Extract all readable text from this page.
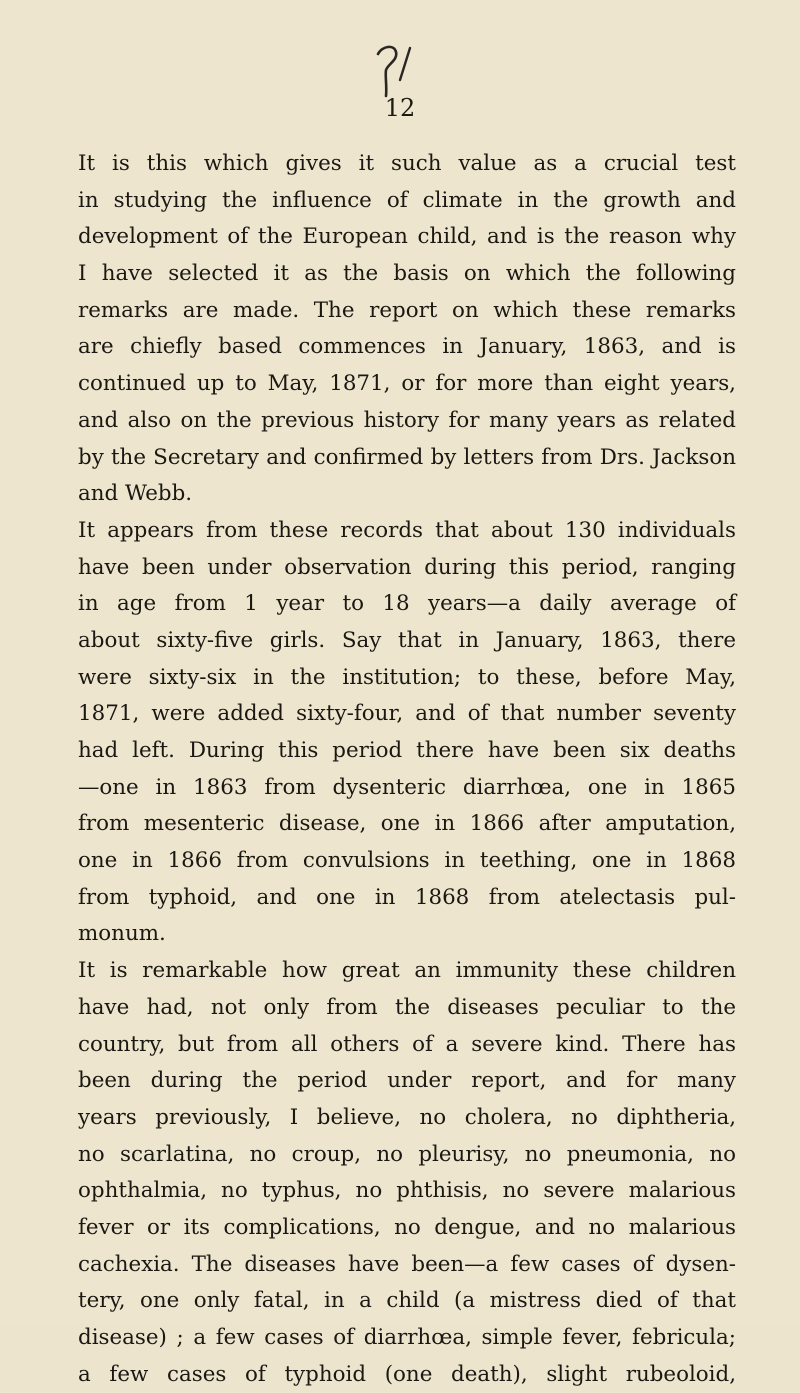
12
It is this which gives it such value as a crucial test
in studying the influence of climate in the growth and
development of the European child, and is the reason why
I have selected it as the basis on which the following
remarks are made. The report on which these remarks
are chiefly based commences in January, 1863, and is
continued up to May, 1871, or for more than eight years,
and also on the previous history for many years as related
by the Secretary and confirmed by letters from Drs. Jackson
and Webb.
It appears from these records that about 130 individuals
have been under observation during this period, ranging
in age from 1 year to 18 years—a daily average of
about sixty-five girls. Say that in January, 1863, there
were sixty-six in the institution; to these, before May,
1871, were added sixty-four, and of that number seventy
had left. During this period there have been six deaths
—one in 1863 from dysenteric diarrhœa, one in 1865
from mesenteric disease, one in 1866 after amputation,
one in 1866 from convulsions in teething, one in 1868
from typhoid, and one in 1868 from atelectasis pul-
monum.
It is remarkable how great an immunity these children
have had, not only from the diseases peculiar to the
country, but from all others of a severe kind. There has
been during the period under report, and for many
years previously, I believe, no cholera, no diphtheria,
no scarlatina, no croup, no pleurisy, no pneumonia, no
ophthalmia, no typhus, no phthisis, no severe malarious
fever or its complications, no dengue, and no malarious
cachexia. The diseases have been—a few cases of dysen-
tery, one only fatal, in a child (a mistress died of that
disease) ; a few cases of diarrhœa, simple fever, febricula;
a few cases of typhoid (one death), slight rubeoloid,
